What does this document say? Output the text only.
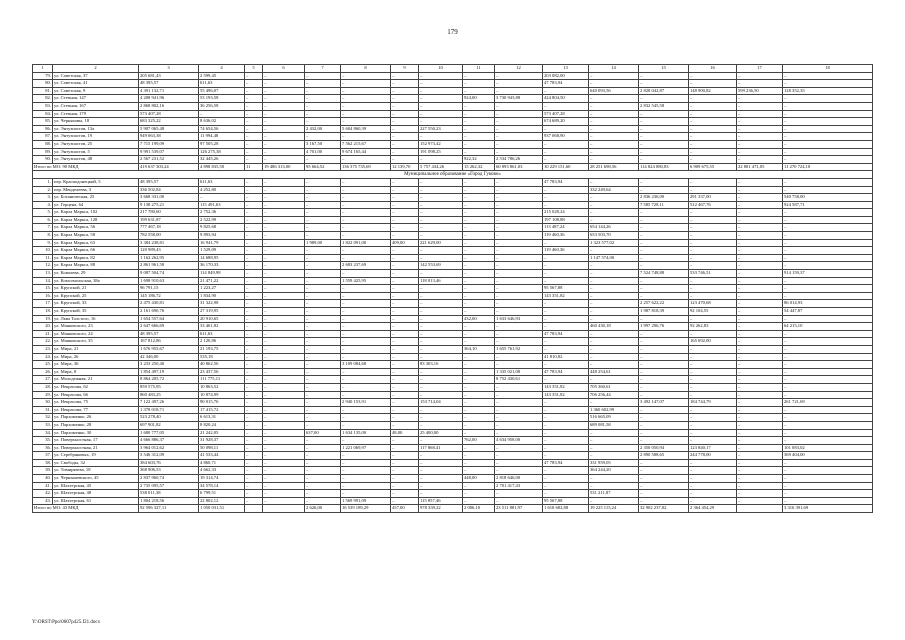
179
1	2	3	4	5	6	7	8	9	10	11	12	13	14	15	16	17	18
79.	ул. Советская, 37	205 681,43	2 599,45	–	–	–	–	–	–	–	–	203 082,00	–	–	–	–	–
80.	ул. Советская, 41	48 395,57	611,63	–	–	–	–	–	–	–	–	47 783,94	–	–	–	–	–
81.	ул. Советская, 9	4 391 132,71	55 496,07	–	–	–	–	–	–	–	–	–	640 093,56	2 828 042,87	148 900,82	599 236,50	128 352,35
82.	ул. Степная, 147	4 208 941,96	53 193,58	–	–	–	–	–	–	924,00	3 730 943,88	424 804,50	–	–	–	–	–
83.	ул. Степная, 167	2 868 802,16	36 256,58	–	–	–	–	–	–	–	–	–	–	2 832 545,58	–	–	–
84.	ул. Степная, 179	573 407,28	–	–	–	–	–	–	–	–	–	573 407,28	–	–	–	–	–
85.	ул. Черняховы, 18	683 325,22	8 636,02	–	–	–	–	–	–	–	–	674 689,20	–	–	–	–	–
86.	ул. Энтузиастов, 13а	5 907 065,48	74 654,56	–	–	2 432,00	5 604 860,39	–	227 550,23	–	–	–	–	–	–	–	–
87.	ул. Энтузиастов, 19	949 063,38	11 994,48	–	–	–	–	–	–	–	–	937 068,90	–	–	–	–	–
88.	ул. Энтузиастов, 25	7 715 199,09	97 505,28	–	–	3 167,50	7 562 215,67	–	152 973,42	–	–	–	–	–	–	–	–
89.	ул. Энтузиастов, 5	9 991 539,07	126 275,38	–	–	4 701,00	9 674 165,44	–	191 098,25	–	–	–	–	–	–	–	–
90.	ул. Энтузиастов, 48	2 567 231,52	32 445,26	–	–	–	–	–	–	922,32	2 534 786,26	–	–	–	–	–	–
Итого по МО: 90 МКД		419 637 303,24	4 898 835,50	11	19 486 313,00	95 664,52	136 375 735,69	12 139,70	5 757 434,26	15 262,32	60 893 861,03	10 229 151,60	28 251 698,56	114 824 080,83	6 909 675,55	22 881 471,05	11 270 724,18
Муниципальное образование «Город Гуково»																	
1.	пер. Краснодонецкий, 5	48 395,57	611,63	–	–	–	–	–	–	–	–	47 783,94	–	–	–	–	–
2.	пер. Менделеева, 3	336 502,84	4 252,80	–	–	–	–	–	–	–	–	–	332 249,64	–	–	–	–
3.	ул. Ботаническая, 25	3 668 331,00	–	–	–	–	–	–	–	–	–	–	–	2 836 236,00	291 337,00	–	540 758,00
4.	ул. Герцена, 64	9 138 275,21	115 491,63	–	–	–	–	–	–	–	–	–	–	7 585 728,11	512 467,76	–	924 587,71
5.	ул. Карла Маркса, 102	217 780,60	2 752,36	–	–	–	–	–	–	–	–	215 028,24	–	–	–	–	–
6.	ул. Карла Маркса, 128	199 631,87	2 522,99	–	–	–	–	–	–	–	–	197 108,88	–	–	–	–	–
7.	ул. Карла Маркса, 56	777 467,18	9 825,68	–	–	–	–	–	–	–	–	113 487,24	654 144,26	–	–	–	–
8.	ул. Карла Маркса, 58	782 558,00	9 893,94	–	–	–	–	–	–	–	–	119 460,36	653 503,70	–	–	–	–
9.	ул. Карла Маркса, 63	3 384 238,81	16 941,79	–	–	1 989,00	1 822 091,00	409,00	221 629,00	–	–	–	1 323 577,02	–	–	–	–
10.	ул. Карла Маркса, 66	120 989,43	1 529,09	–	–	–	–	–	–	–	–	119 460,36	–	–	–	–	–
11.	ул. Карла Маркса, 82	1 162 262,95	14 688,95	–	–	–	–	–	–	–	–	–	1 147 574,00	–	–	–	–
12.	ул. Карла Маркса, 88	2 861 961,58	36 170,33	–	–	–	2 683 237,69	–	142 553,69	–	–	–	–	–	–	–	–
13.	ул. Ковалева, 29	9 087 504,74	114 849,98	–	–	–	–	–	–	–	–	–	–	7 524 748,88	533 746,51	–	914 159,37
14.	ул. Комсомольская, 38а	1 698 910,63	21 471,22	–	–	–	1 559 425,95	–	118 013,46	–	–	–	–	–	–	–	–
15.	ул. Крупской, 21	96 791,15	1 223,27	–	–	–	–	–	–	–	–	95 567,88	–	–	–	–	–
16.	ул. Крупской, 25	145 186,72	1 834,90	–	–	–	–	–	–	–	–	143 351,82	–	–	–	–	–
17.	ул. Крупской, 33	2 475 430,81	31 322,98	–	–	–	–	–	–	–	–	–	–	2 257 622,22	123 470,68	–	86 014,93
18.	ул. Крупской, 35	2 161 690,76	27 319,95	–	–	–	–	–	–	–	–	–	–	1 987 818,39	92 104,55	–	54 447,87
19.	ул. Льва Толстого, 16	1 654 557,64	20 910,65	–	–	–	–	–	–	432,00	1 633 646,93	–	–	–	–	–	–
20.	ул. Маяковского, 23	2 647 666,69	33 461,82	–	–	–	–	–	–	–	–	–	460 430,18	1 997 296,76	92 262,83	–	64 215,10
21.	ул. Маяковского, 24	48 395,57	611,63	–	–	–	–	–	–	–	–	47 783,94	–	–	–	–	–
22.	ул. Маяковского, 35	167 812,86	2 120,86	–	–	–	–	–	–	–	–	–	–	–	165 692,00	–	–
23.	ул. Мира, 21	1 676 955,67	21 193,75	–	–	–	–	–	–	364,10	1 655 761,92	–	–	–	–	–	–
24.	ул. Мира, 26	42 346,00	535,18	–	–	–	–	–	–	–	–	41 810,82	–	–	–	–	–
25.	ул. Мира, 36	3 233 250,40	40 862,56	–	–	–	3 109 084,68	–	83 303,16	–	–	–	–	–	–	–	–
26.	ул. Мира, 8	1 854 497,19	23 437,56	–	–	–	–	–	–	–	1 335 021,08	47 783,94	448 254,61	–	–	–	–
27.	ул. Молодежная, 21	8 864 205,72	111 775,11	–	–	–	–	–	–	–	8 752 430,61	–	–	–	–	–	–
28.	ул. Некрасова, 62	859 575,95	10 863,52	–	–	–	–	–	–	–	–	143 351,82	705 360,61	–	–	–	–
29.	ул. Некрасова, 66	860 483,25	10 874,99	–	–	–	–	–	–	–	–	143 351,82	706 256,44	–	–	–	–
30.	ул. Некрасова, 75	7 122 497,26	90 015,76	–	–	–	2 940 153,91	–	153 714,04	–	–	–	–	3 492 147,07	184 744,79	–	261 721,69
31.	ул. Некрасова, 77	1 378 018,71	17 415,72	–	–	–	–	–	–	–	–	–	1 360 602,99	–	–	–	–
32.	ул. Пархоменко, 26	523 278,40	6 613,31	–	–	–	–	–	–	–	–	–	516 665,09	–	–	–	–
33.	ул. Пархоменко, 28	697 901,82	8 820,24	–	–	–	–	–	–	–	–	–	689 081,58	–	–	–	–
34.	ул. Пархоменко, 30	1 680 777,05	21 242,05	–	–	637,00	1 634 135,00	48,00	25 400,00	–	–	–	–	–	–	–	–
35.	ул. Поверхностная, 17	4 666 886,37	31 928,37	–	–	–	–	–	–	762,00	4 634 958,00	–	–	–	–	–	–
36.	ул. Поверхностная, 21	3 964 012,62	50 098,11	–	–	–	1 221 069,97	–	117 868,41	–	–	–	–	2 350 050,94	123 840,17	–	101 083,02
37.	ул. Серебряковых, 19	3 546 312,09	41 533,44	–	–	–	–	–	–	–	–	–	–	2 890 588,65	244 778,00	–	369 404,00
38.	ул. Свободы, 32	384 603,76	4 860,71	–	–	–	–	–	–	–	–	47 783,94	331 959,05	–	–	–	–
39.	ул. Тимирязева, 18	368 906,53	4 662,33	–	–	–	–	–	–	–	–	–	364 244,20	–	–	–	–
40.	ул. Чернышевского, 45	2 837 960,74	19 314,74	–	–	–	–	–	–	448,00	2 818 646,00	–	–	–	–	–	–
41.	ул. Шахтерская, 45	2 735 095,57	34 578,14	–	–	–	–	–	–	–	2 701 417,43	–	–	–	–	–	–
42.	ул. Шахтерская, 48	538 011,38	6 799,51	–	–	–	–	–	–	–	–	–	531 211,87	–	–	–	–
43.	ул. Шахтерская, 61	1 804 218,56	22 802,12	–	–	–	1 569 991,09	–	115 857,46	–	–	95 567,88	–	–	–	–	–
Итого по МО: 43 МКД		92 596 327,11	1 050 031,51			2 626,00	16 539 189,29	457,00	978 339,22	2 006,10	23 511 881,97	1 618 682,88	19 225 115,24	32 902 237,02	2 364 454,29		3 316 391,69
Y:\ORST\Ppo\0607p425.f21.docx
